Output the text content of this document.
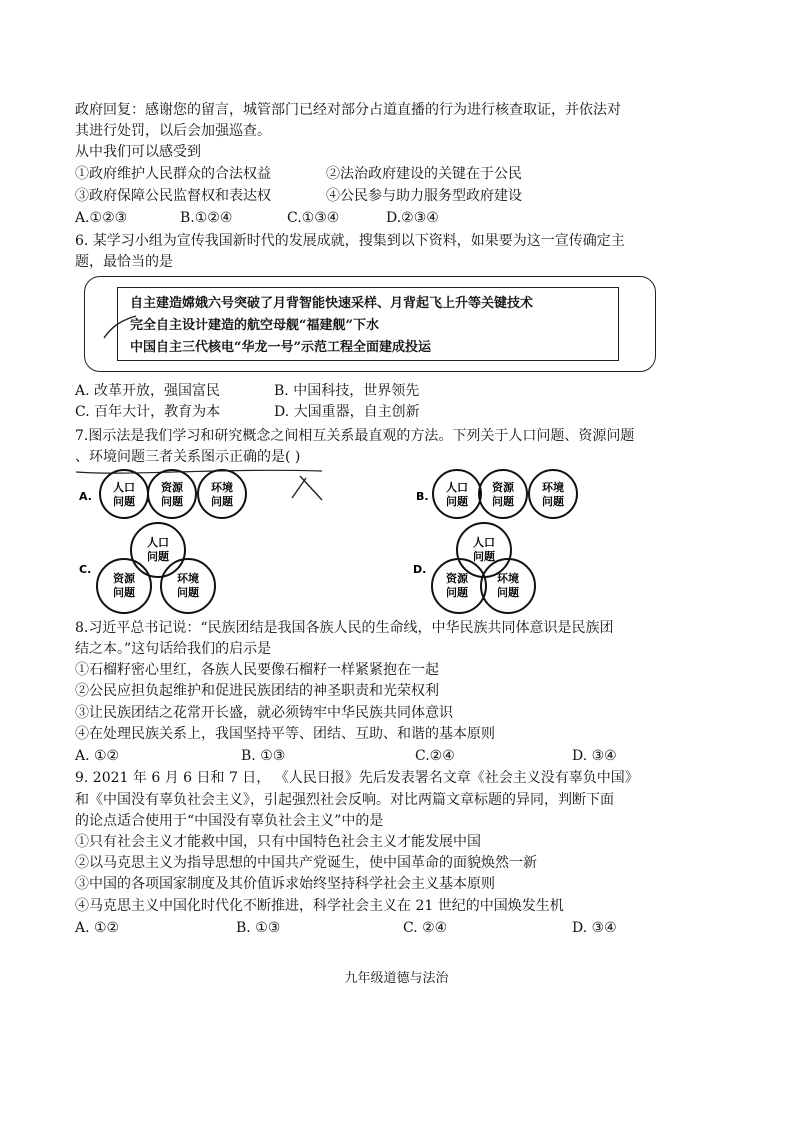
政府回复：感谢您的留言，城管部门已经对部分占道直播的行为进行核查取证，并依法对
其进行处罚，以后会加强巡查。
从中我们可以感受到
①政府维护人民群众的合法权益	②法治政府建设的关键在于公民
③政府保障公民监督权和表达权	④公民参与助力服务型政府建设
A.①②③	B.①②④	C.①③④	D.②③④
6. 某学习小组为宣传我国新时代的发展成就，搜集到以下资料，如果要为这一宣传确定主
题，最恰当的是
自主建造嫦娥六号突破了月背智能快速采样、月背起飞上升等关键技术
完全自主设计建造的航空母舰“福建舰”下水
中国自主三代核电“华龙一号”示范工程全面建成投运
A. 改革开放，强国富民	B. 中国科技，世界领先
C. 百年大计，教育为本	D. 大国重器，自主创新
7.图示法是我们学习和研究概念之间相互关系最直观的方法。下列关于人口问题、资源问题
、环境问题三者关系图示正确的是( )
A.
人口
问题
资源
问题
环境
问题	B.
人口
问题
资源
问题
环境
问题
C.
人口
问题
资源
问题
环境
问题
D.
人口
问题
资源
问题
环境
问题
8.习近平总书记说：“民族团结是我国各族人民的生命线，中华民族共同体意识是民族团
结之本。”这句话给我们的启示是
①石榴籽密心里红，各族人民要像石榴籽一样紧紧抱在一起
②公民应担负起维护和促进民族团结的神圣职责和光荣权利
③让民族团结之花常开长盛，就必须铸牢中华民族共同体意识
④在处理民族关系上，我国坚持平等、团结、互助、和谐的基本原则
A. ①②	B. ①③	C.②④	D. ③④
9. 2021 年 6 月 6 日和 7 日， 《人民日报》先后发表署名文章《社会主义没有辜负中国》
和《中国没有辜负社会主义》，引起强烈社会反响。对比两篇文章标题的异同，判断下面
的论点适合使用于“中国没有辜负社会主义”中的是
①只有社会主义才能救中国，只有中国特色社会主义才能发展中国
②以马克思主义为指导思想的中国共产党诞生，使中国革命的面貌焕然一新
③中国的各项国家制度及其价值诉求始终坚持科学社会主义基本原则
④马克思主义中国化时代化不断推进，科学社会主义在 21 世纪的中国焕发生机
A. ①②	B. ①③	C. ②④	D. ③④
九年级道德与法治
